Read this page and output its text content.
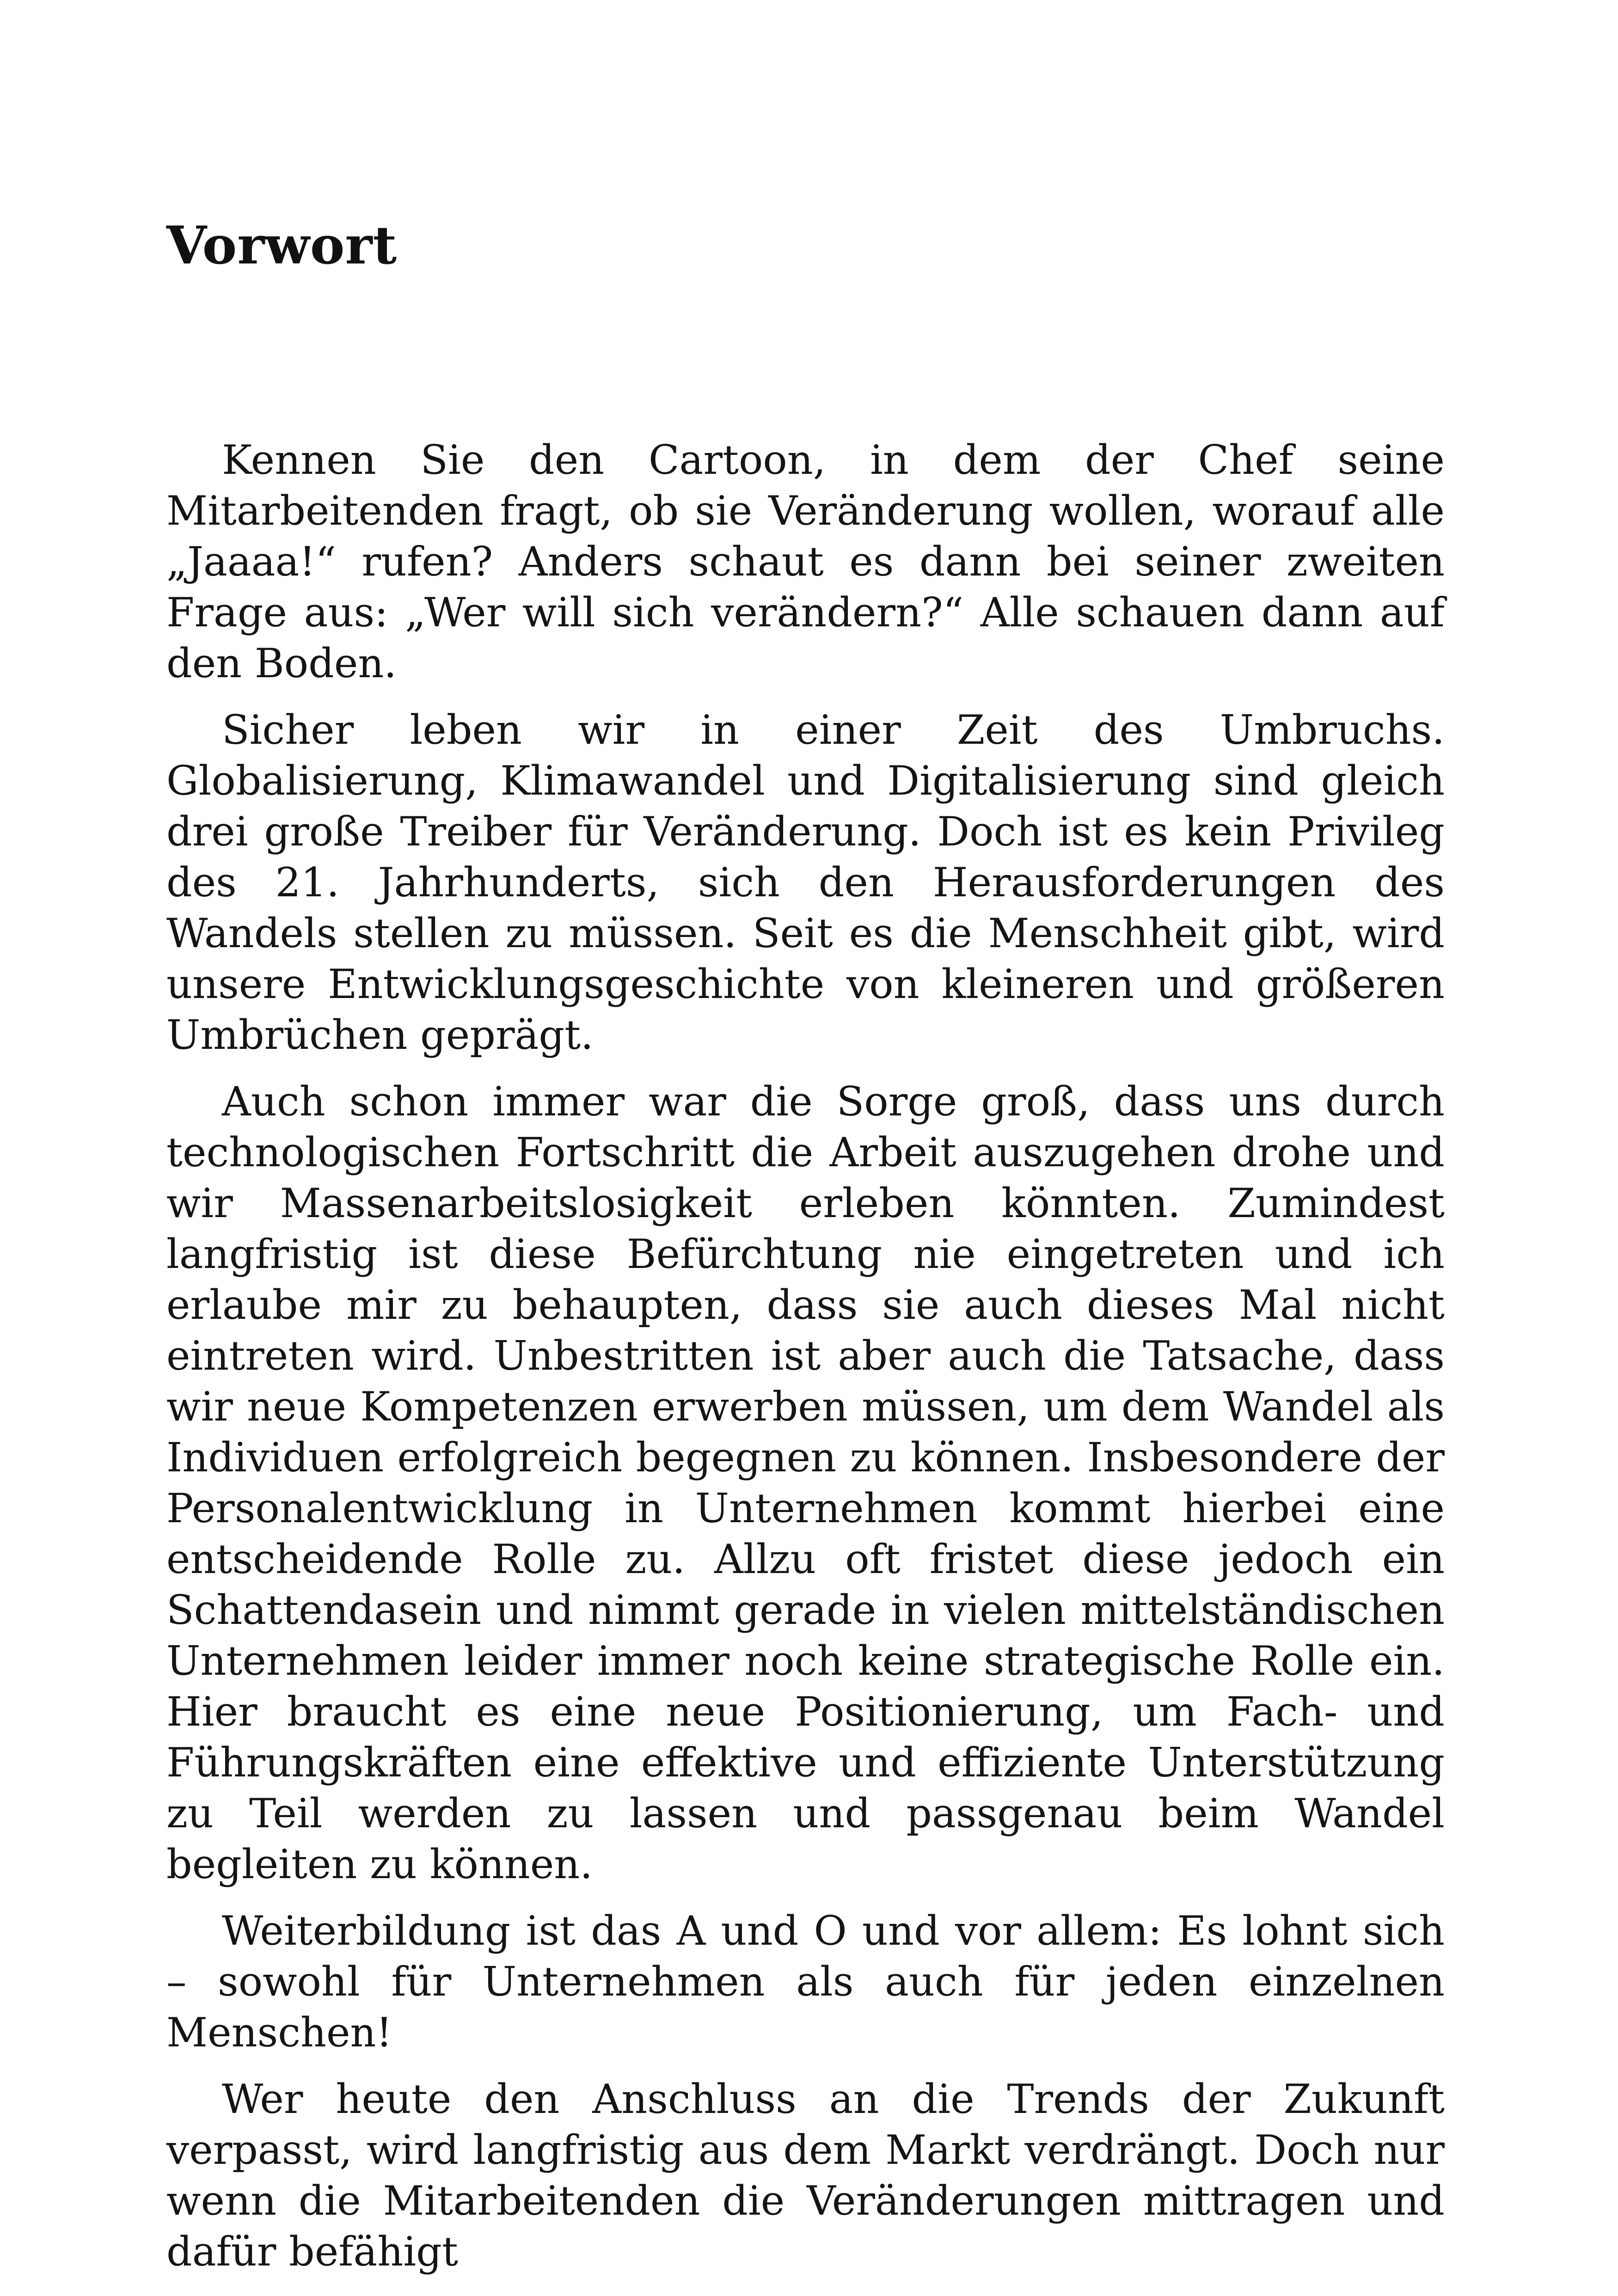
Vorwort

Kennen Sie den Cartoon, in dem der Chef seine Mitarbeitenden fragt, ob sie Veränderung wollen, worauf alle „Jaaaa!“ rufen? Anders schaut es dann bei seiner zweiten Frage aus: „Wer will sich verändern?“ Alle schauen dann auf den Boden.

Sicher leben wir in einer Zeit des Umbruchs. Globalisierung, Klimawandel und Digitalisierung sind gleich drei große Treiber für Veränderung. Doch ist es kein Privileg des 21. Jahrhunderts, sich den Herausforderungen des Wandels stellen zu müssen. Seit es die Menschheit gibt, wird unsere Entwicklungsgeschichte von kleineren und größeren Umbrüchen geprägt.

Auch schon immer war die Sorge groß, dass uns durch technologischen Fortschritt die Arbeit auszugehen drohe und wir Massenarbeitslosigkeit erleben könnten. Zumindest langfristig ist diese Befürchtung nie eingetreten und ich erlaube mir zu behaupten, dass sie auch dieses Mal nicht eintreten wird. Unbestritten ist aber auch die Tatsache, dass wir neue Kompetenzen erwerben müssen, um dem Wandel als Individuen erfolgreich begegnen zu können. Insbesondere der Personalentwicklung in Unternehmen kommt hierbei eine entscheidende Rolle zu. Allzu oft fristet diese jedoch ein Schattendasein und nimmt gerade in vielen mittelständischen Unternehmen leider immer noch keine strategische Rolle ein. Hier braucht es eine neue Positionierung, um Fach- und Führungskräften eine effektive und effiziente Unterstützung zu Teil werden zu lassen und passgenau beim Wandel begleiten zu können.

Weiterbildung ist das A und O und vor allem: Es lohnt sich – sowohl für Unternehmen als auch für jeden einzelnen Menschen!

Wer heute den Anschluss an die Trends der Zukunft verpasst, wird langfristig aus dem Markt verdrängt. Doch nur wenn die Mitarbeitenden die Veränderungen mittragen und dafür befähigt
